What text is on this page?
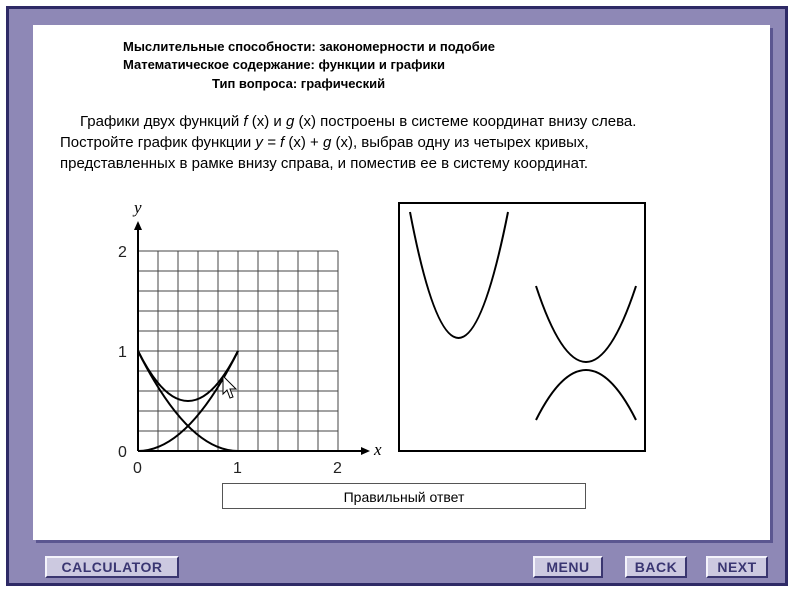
Мыслительные способности: закономерности и подобие
Математическое содержание: функции и графики
Тип вопроса: графический

Графики двух функций f (x) и g (x) построены в системе координат внизу слева.

Постройте график функции y = f (x) + g (x), выбрав одну из четырех кривых,

представленных в рамке внизу справа, и поместив ее в систему координат.

y
x
2
1
0
0	1	2
Правильный ответ
CALCULATOR	MENU	BACK	NEXT
